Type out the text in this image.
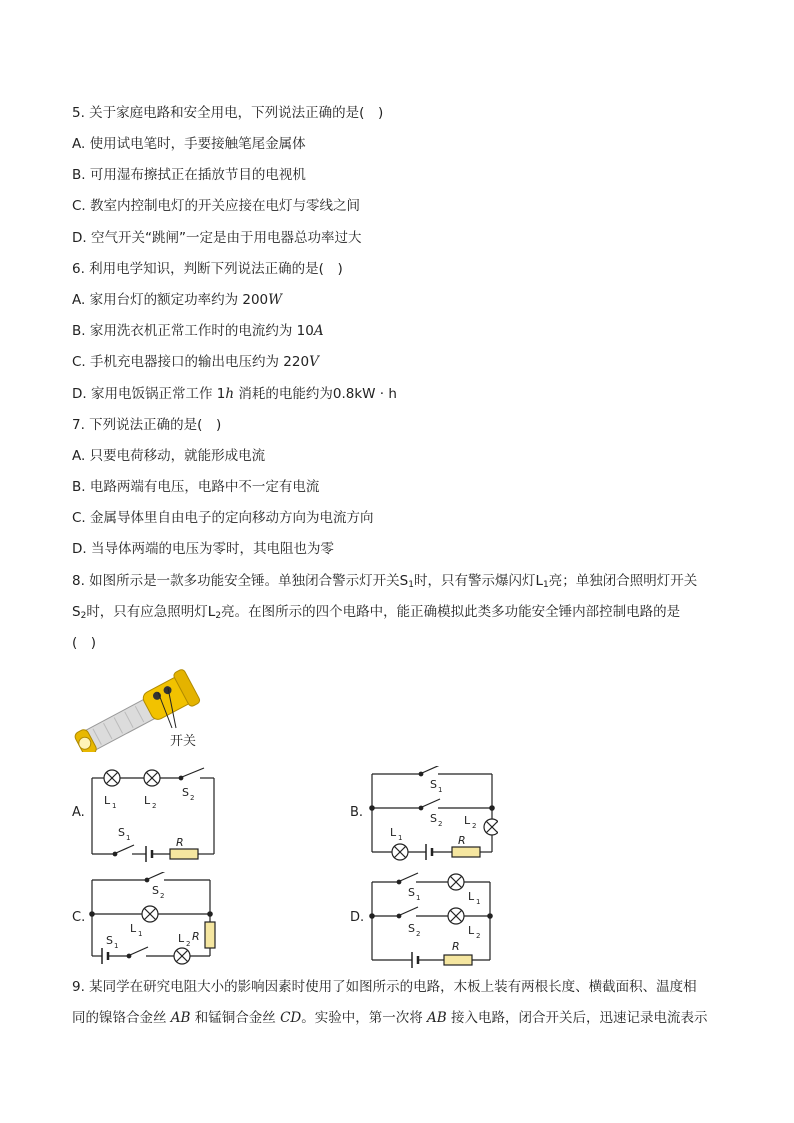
5. 关于家庭电路和安全用电，下列说法正确的是(　)
A. 使用试电笔时，手要接触笔尾金属体
B. 可用湿布擦拭正在插放节目的电视机
C. 教室内控制电灯的开关应接在电灯与零线之间
D. 空气开关“跳闸”一定是由于用电器总功率过大
6. 利用电学知识，判断下列说法正确的是(　)
A. 家用台灯的额定功率约为 200W
B. 家用洗衣机正常工作时的电流约为 10A
C. 手机充电器接口的输出电压约为 220V
D. 家用电饭锅正常工作 1h 消耗的电能约为0.8kW · h
7. 下列说法正确的是(　)
A. 只要电荷移动，就能形成电流
B. 电路两端有电压，电路中不一定有电流
C. 金属导体里自由电子的定向移动方向为电流方向
D. 当导体两端的电压为零时，其电阻也为零
8. 如图所示是一款多功能安全锤。单独闭合警示灯开关$S_1$时，只有警示爆闪灯$L_1$亮；单独闭合照明灯开关
$S_2$时，只有应急照明灯$L_2$亮。在图所示的四个电路中，能正确模拟此类多功能安全锤内部控制电路的是
(　)
开关
A.
L 1	L 2
S 2
S 1	R
B.
S 1
S 2 L 2
L 1	R
C.
S 2
L 1
S 1
L 2
R
D.
S 1	L 1
S 2	L 2
R
9. 某同学在研究电阻大小的影响因素时使用了如图所示的电路，木板上装有两根长度、横截面积、温度相
同的镍铬合金丝 AB 和锰铜合金丝 CD。实验中，第一次将 AB 接入电路，闭合开关后，迅速记录电流表示
